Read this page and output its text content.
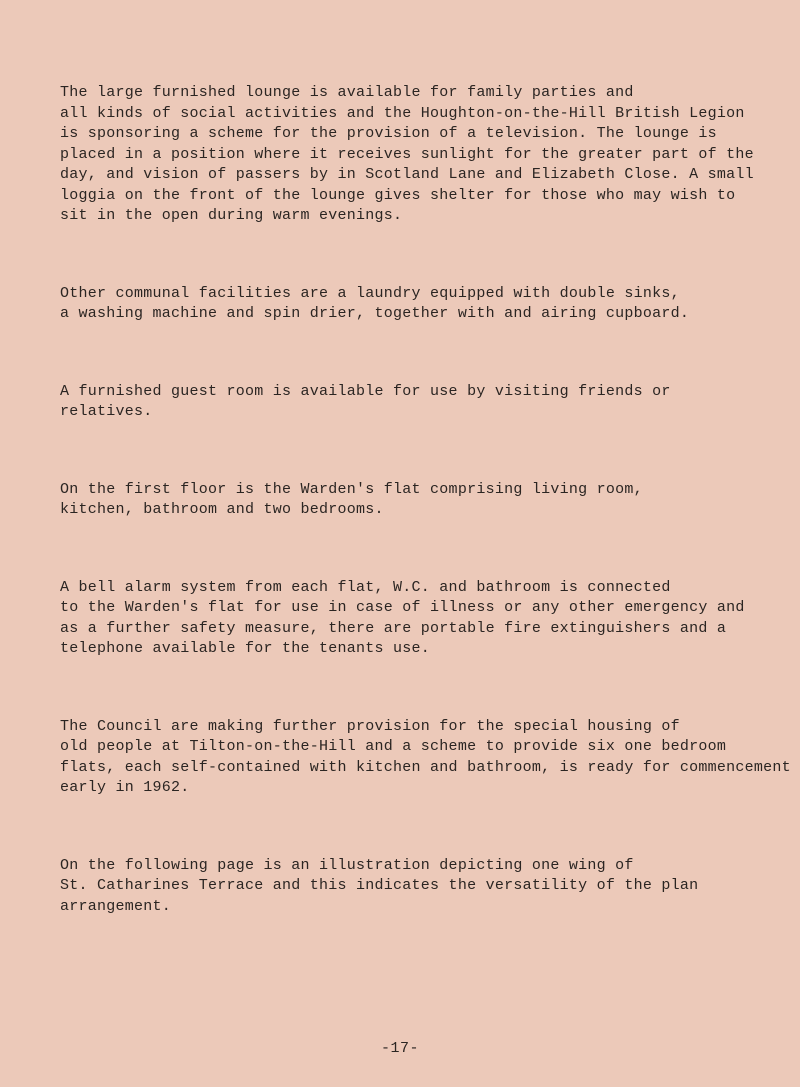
The large furnished lounge is available for family parties and
all kinds of social activities and the Houghton-on-the-Hill British Legion
is sponsoring a scheme for the provision of a television. The lounge is
placed in a position where it receives sunlight for the greater part of the
day, and vision of passers by in Scotland Lane and Elizabeth Close. A small
loggia on the front of the lounge gives shelter for those who may wish to
sit in the open during warm evenings.

Other communal facilities are a laundry equipped with double sinks,
a washing machine and spin drier, together with and airing cupboard.

A furnished guest room is available for use by visiting friends or
relatives.

On the first floor is the Warden's flat comprising living room,
kitchen, bathroom and two bedrooms.

A bell alarm system from each flat, W.C. and bathroom is connected
to the Warden's flat for use in case of illness or any other emergency and
as a further safety measure, there are portable fire extinguishers and a
telephone available for the tenants use.

The Council are making further provision for the special housing of
old people at Tilton-on-the-Hill and a scheme to provide six one bedroom
flats, each self-contained with kitchen and bathroom, is ready for commencement
early in 1962.

On the following page is an illustration depicting one wing of
St. Catharines Terrace and this indicates the versatility of the plan
arrangement.

-17-
